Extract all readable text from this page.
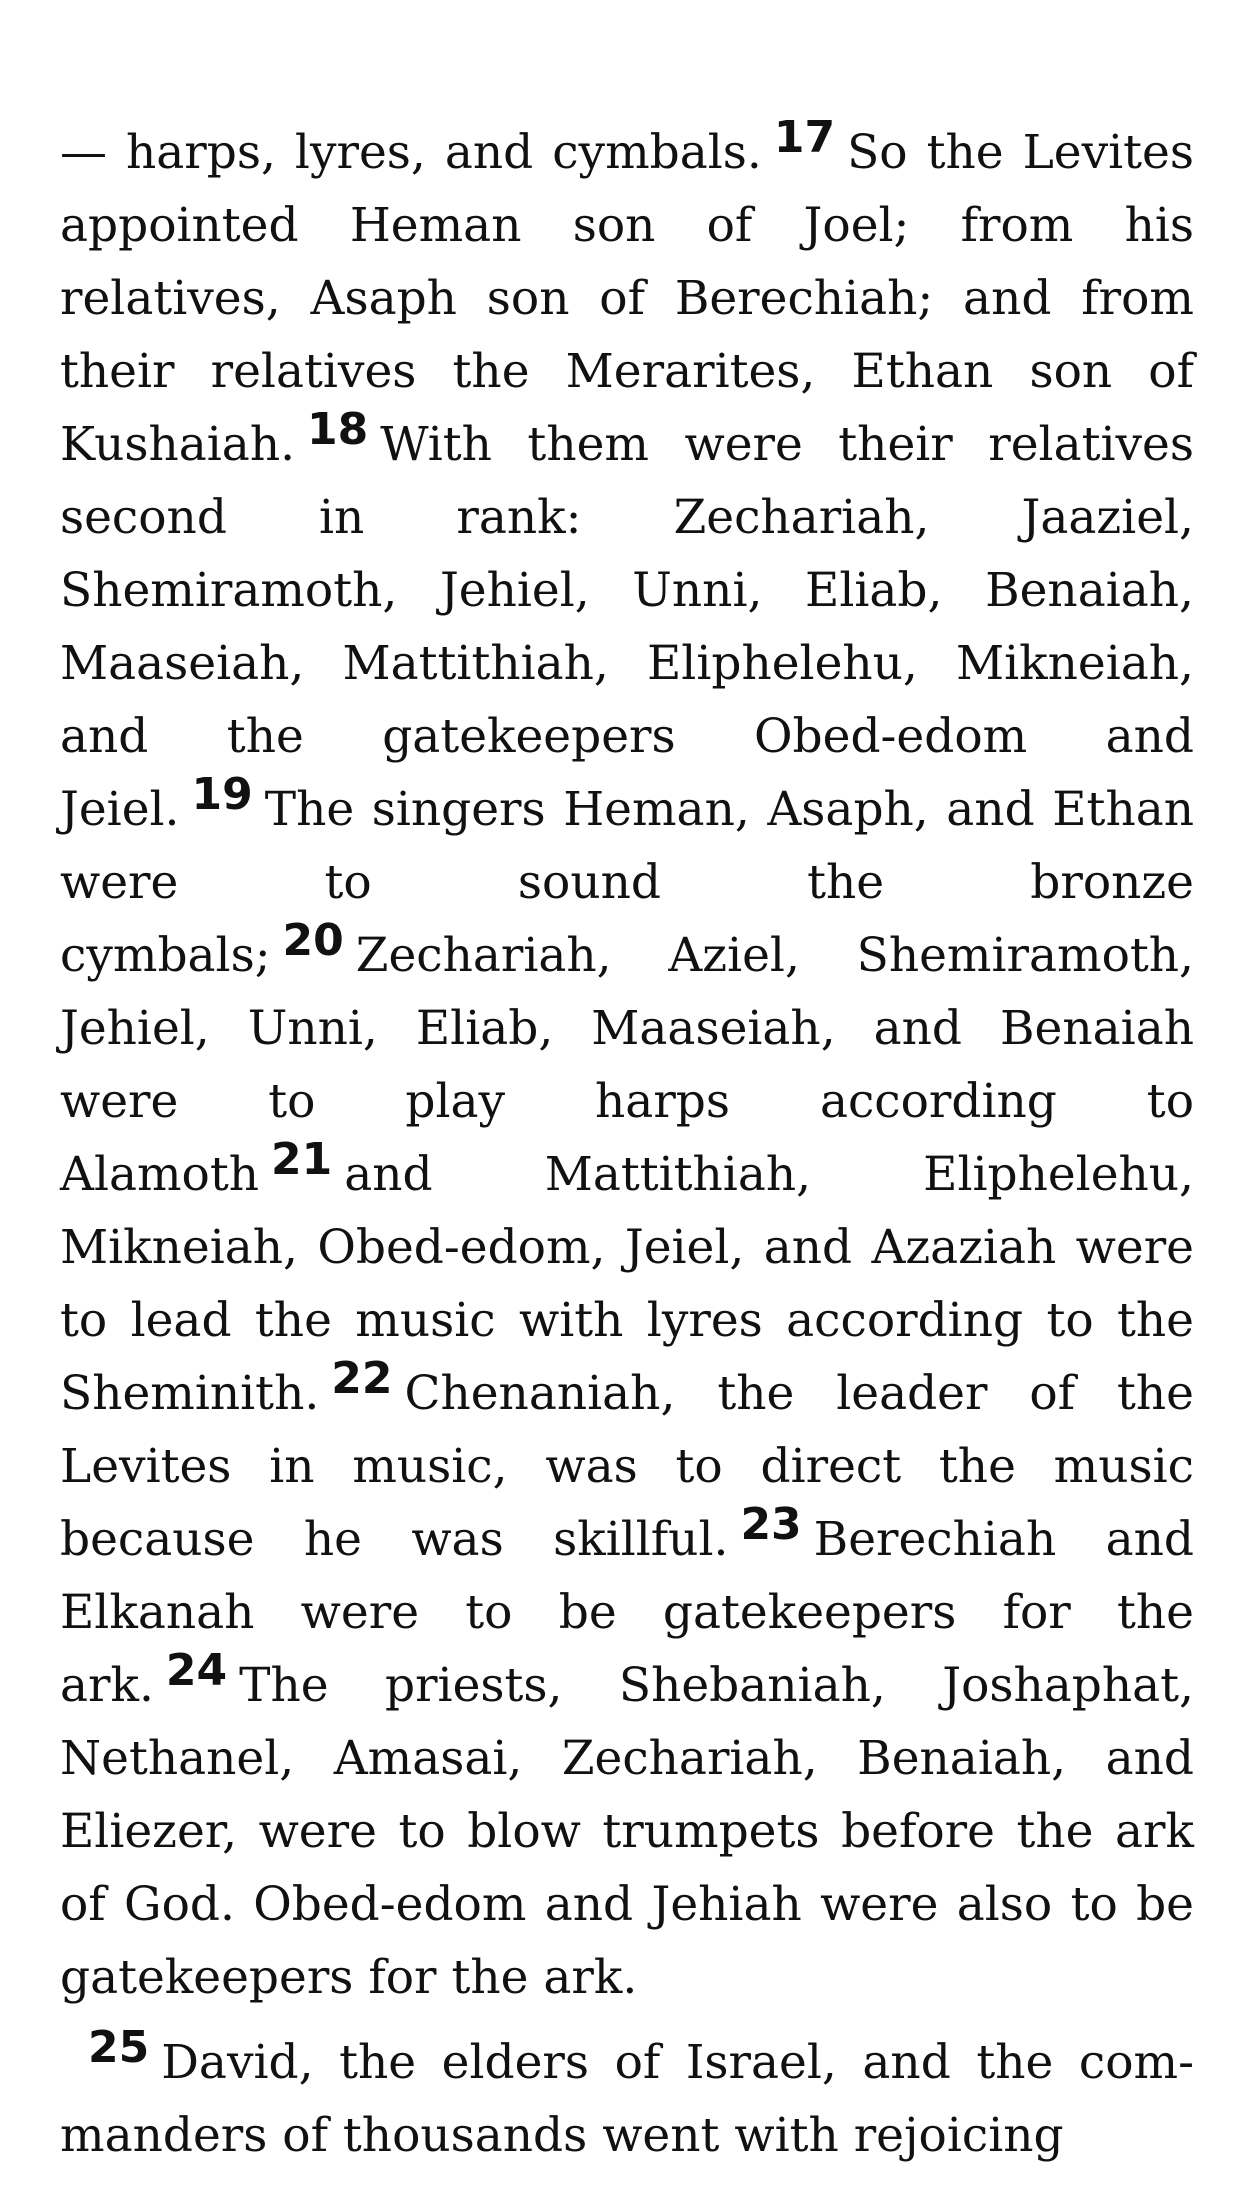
— harps, lyres, and cymbals. 17 So the Levites appointed Heman son of Joel; from his relatives, Asaph son of Berechiah; and from their relatives the Merarites, Ethan son of Kushaiah. 18 With them were their relatives second in rank: Zechariah, Jaaziel, Shemiramoth, Jehiel, Unni, Eliab, Benaiah, Maaseiah, Mattithiah, Eliphelehu, Mikneiah, and the gatekeepers Obed-edom and Jeiel. 19 The singers Heman, Asaph, and Ethan were to sound the bronze cymbals; 20 Zechariah, Aziel, Shemiramoth, Jehiel, Unni, Eliab, Maaseiah, and Benaiah were to play harps according to Alamoth 21 and Mattithiah, Eliphelehu, Mikneiah, Obed-edom, Jeiel, and Azaziah were to lead the music with lyres according to the Sheminith. 22 Chenaniah, the leader of the Levites in music, was to direct the music because he was skillful. 23 Berechiah and Elkanah were to be gatekeepers for the ark. 24 The priests, Shebaniah, Joshaphat, Nethanel, Amasai, Zechariah, Benaiah, and Eliezer, were to blow trumpets before the ark of God. Obed-edom and Jehiah were also to be gatekeepers for the ark.

25 David, the elders of Israel, and the commanders of thousands went with rejoicing
